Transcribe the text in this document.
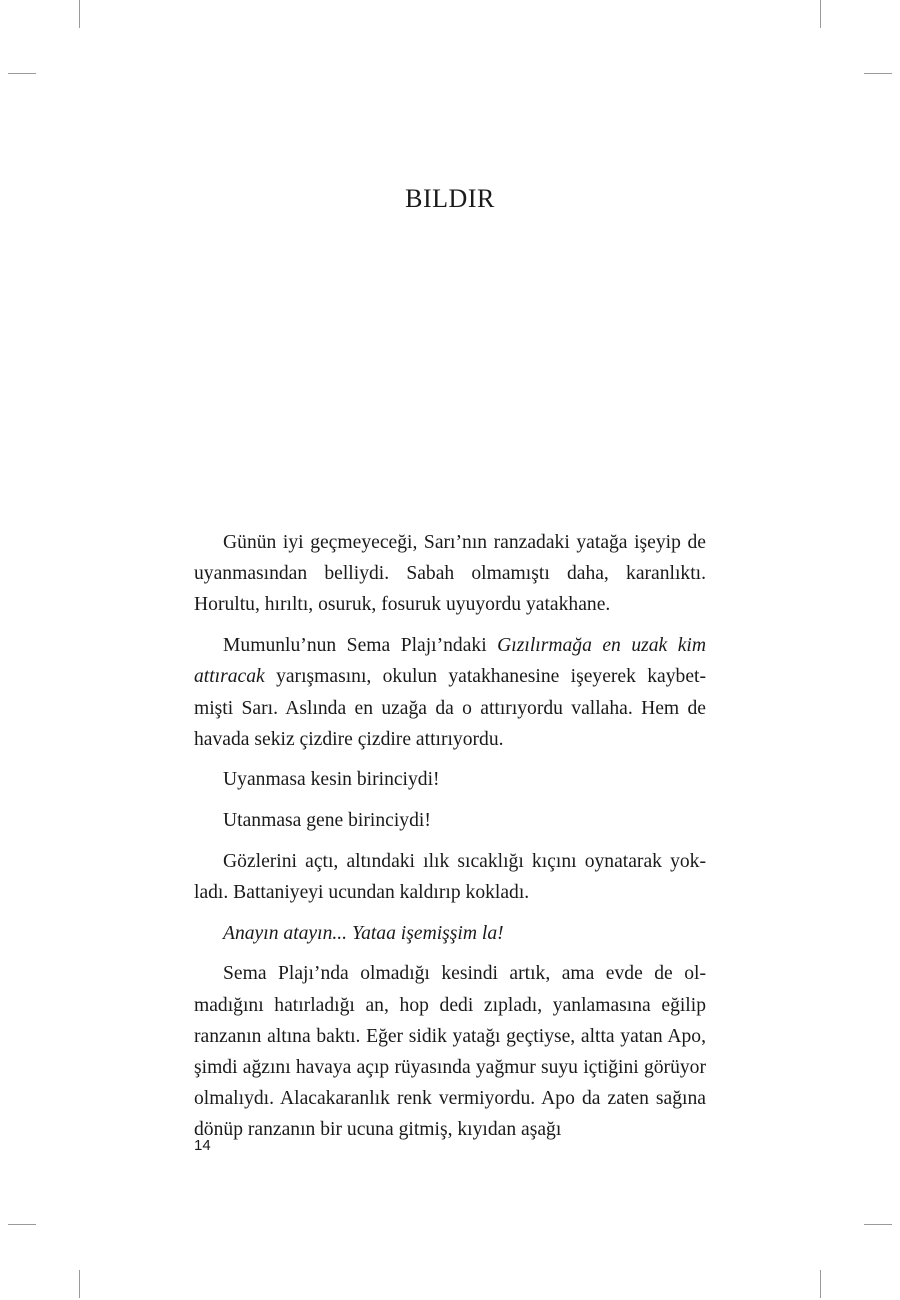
BILDIR

Günün iyi geçmeyeceği, Sarı’nın ranzadaki yatağa işeyip de uyanmasından belliydi. Sabah olmamıştı daha, karanlıktı. Horultu, hırıltı, osuruk, fosuruk uyuyordu yatakhane.

Mumunlu’nun Sema Plajı’ndaki Gızılırmağa en uzak kim attıracak yarışmasını, okulun yatakhanesine işeyerek kaybet- mişti Sarı. Aslında en uzağa da o attırıyordu vallaha. Hem de havada sekiz çizdire çizdire attırıyordu.

Uyanmasa kesin birinciydi!

Utanmasa gene birinciydi!

Gözlerini açtı, altındaki ılık sıcaklığı kıçını oynatarak yok- ladı. Battaniyeyi ucundan kaldırıp kokladı.

Anayın atayın... Yataa işemişşim la!

Sema Plajı’nda olmadığı kesindi artık, ama evde de ol- madığını hatırladığı an, hop dedi zıpladı, yanlamasına eğilip ranzanın altına baktı. Eğer sidik yatağı geçtiyse, altta yatan Apo, şimdi ağzını havaya açıp rüyasında yağmur suyu içtiğini görüyor olmalıydı. Alacakaranlık renk vermiyordu. Apo da zaten sağına dönüp ranzanın bir ucuna gitmiş, kıyıdan aşağı

14
